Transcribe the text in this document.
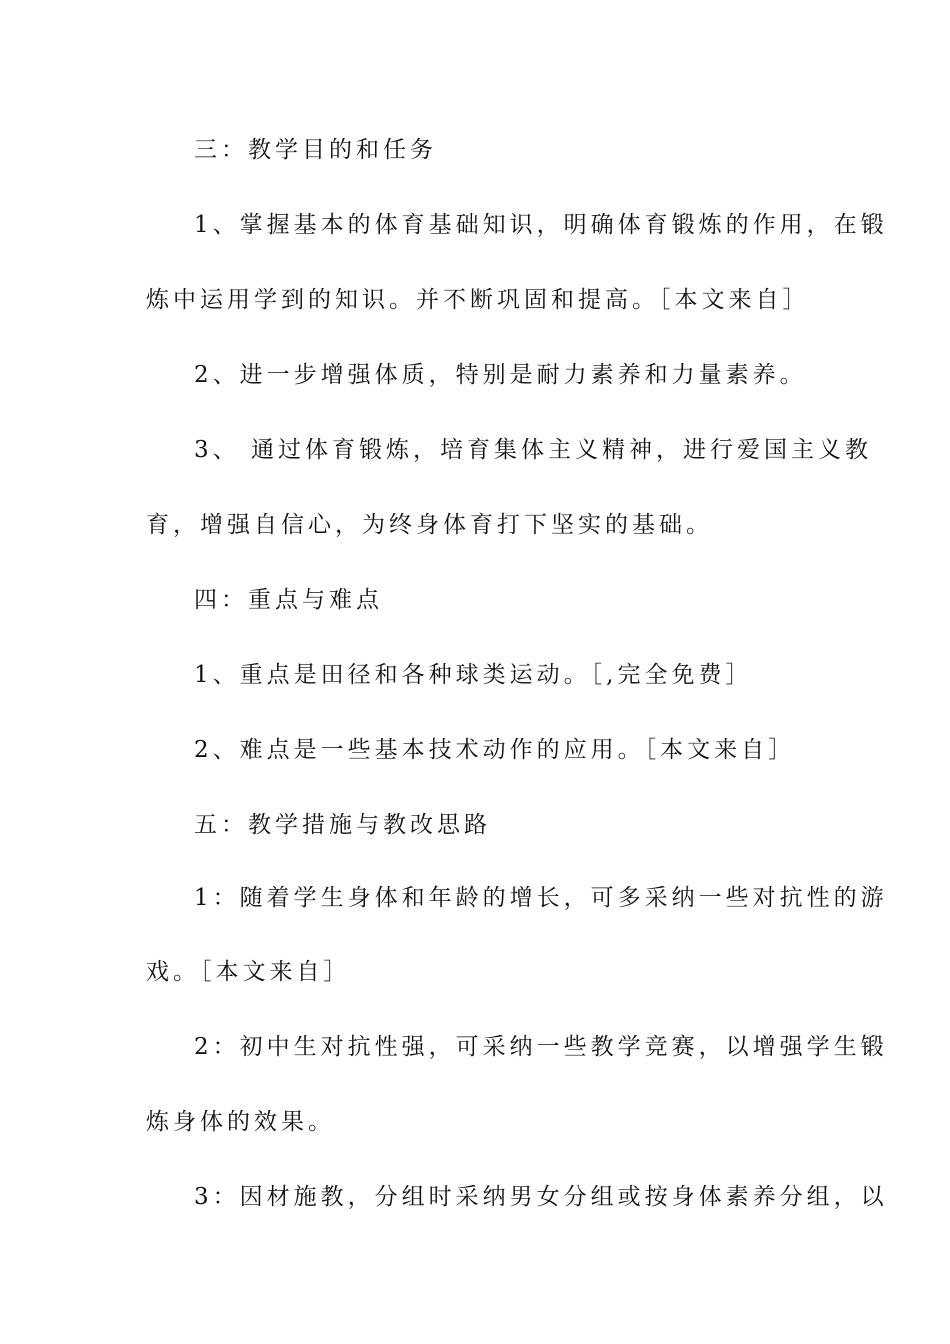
三：教学目的和任务
1、掌握基本的体育基础知识，明确体育锻炼的作用，在锻
炼中运用学到的知识。并不断巩固和提高。［本文来自］
2、进一步增强体质，特别是耐力素养和力量素养。
3、 通过体育锻炼，培育集体主义精神，进行爱国主义教
育，增强自信心，为终身体育打下坚实的基础。
四：重点与难点
1、重点是田径和各种球类运动。［,完全免费］
2、难点是一些基本技术动作的应用。［本文来自］
五：教学措施与教改思路
1：随着学生身体和年龄的增长，可多采纳一些对抗性的游
戏。［本文来自］
2：初中生对抗性强，可采纳一些教学竞赛，以增强学生锻
炼身体的效果。
3：因材施教，分组时采纳男女分组或按身体素养分组，以
